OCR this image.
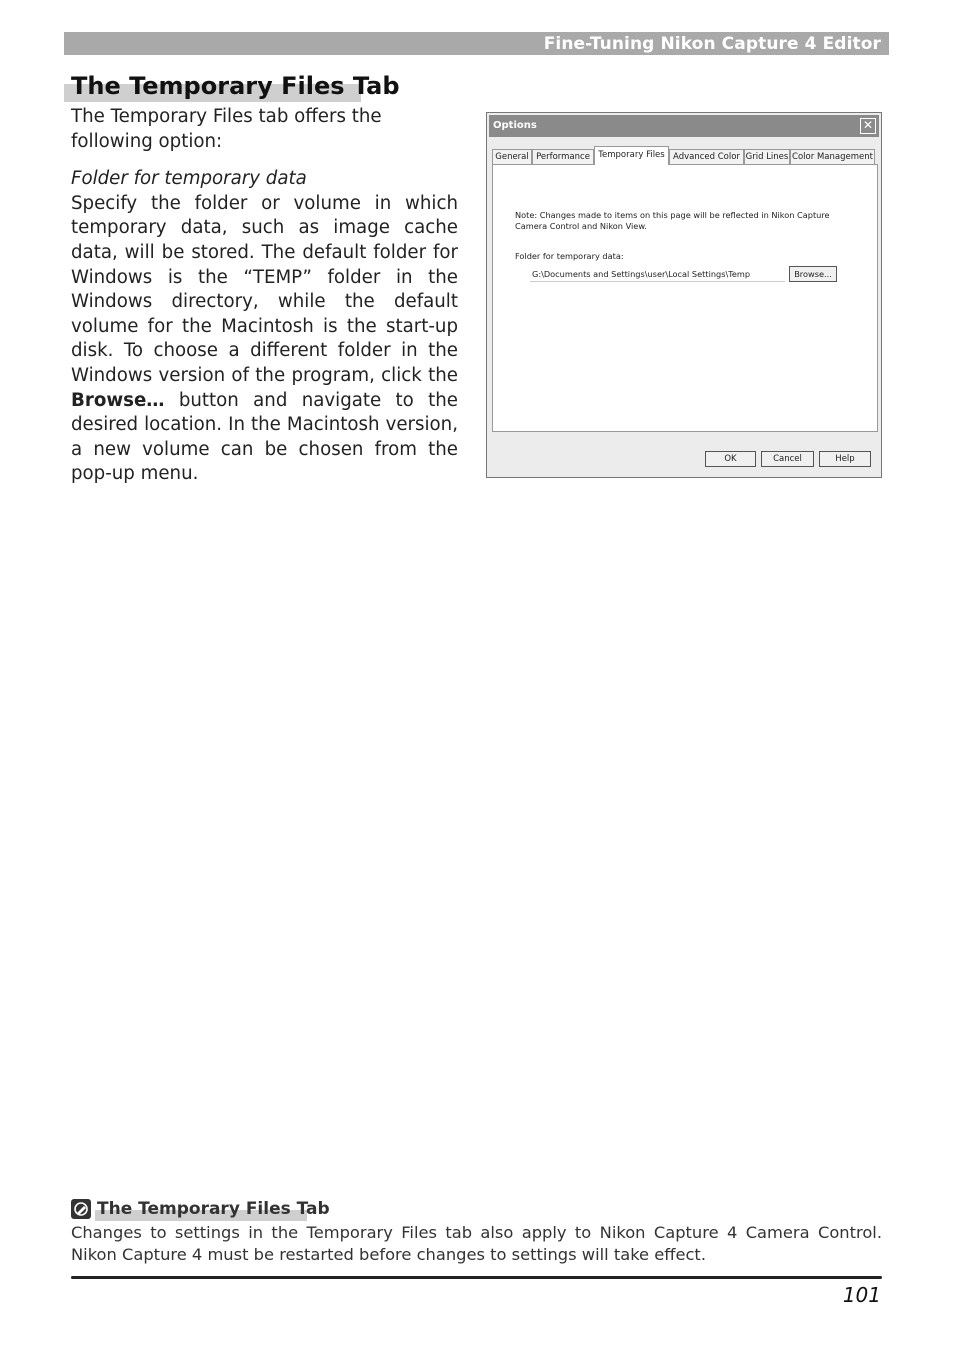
Fine-Tuning Nikon Capture 4 Editor
The Temporary Files Tab

The Temporary Files tab offers the following option:

Folder for temporary data

Specify the folder or volume in which temporary data, such as image cache data, will be stored. The default folder for Windows is the “TEMP” folder in the Windows directory, while the default volume for the Macintosh is the start-up disk. To choose a different folder in the Windows version of the program, click the Browse… button and navigate to the desired location. In the Macintosh version, a new volume can be chosen from the pop-up menu.

Options	✕
General Performance Temporary Files Advanced Color Grid Lines Color Management
Note: Changes made to items on this page will be reflected in Nikon Capture Camera Control and Nikon View.
Folder for temporary data:
G:\Documents and Settings\user\Local Settings\Temp	Browse...
OK	Cancel	Help
The Temporary Files Tab
Changes to settings in the Temporary Files tab also apply to Nikon Capture 4 Camera Control. Nikon Capture 4 must be restarted before changes to settings will take effect.
101
